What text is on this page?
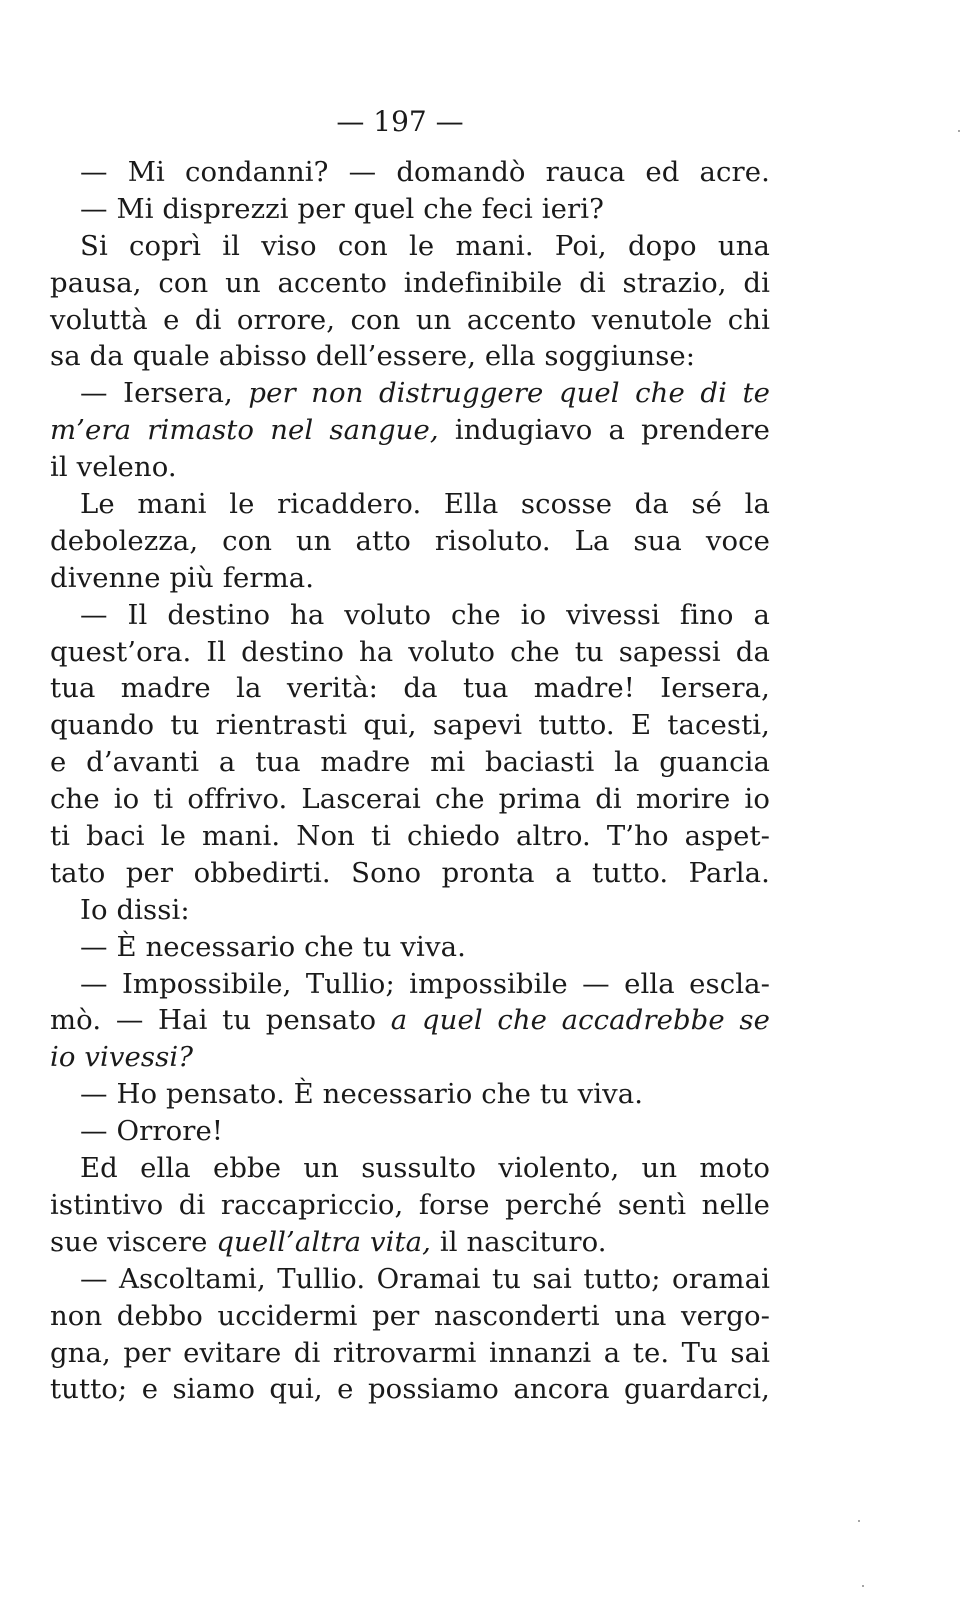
— 197 —
— Mi condanni? — domandò rauca ed acre.
— Mi disprezzi per quel che feci ieri?
Si coprì il viso con le mani. Poi, dopo una
pausa, con un accento indefinibile di strazio, di
voluttà e di orrore, con un accento venutole chi
sa da quale abisso dell’essere, ella soggiunse:
— Iersera, per non distruggere quel che di te
m’era rimasto nel sangue, indugiavo a prendere
il veleno.
Le mani le ricaddero. Ella scosse da sé la
debolezza, con un atto risoluto. La sua voce
divenne più ferma.
— Il destino ha voluto che io vivessi fino a
quest’ora. Il destino ha voluto che tu sapessi da
tua madre la verità: da tua madre! Iersera,
quando tu rientrasti qui, sapevi tutto. E tacesti,
e d’avanti a tua madre mi baciasti la guancia
che io ti offrivo. Lascerai che prima di morire io
ti baci le mani. Non ti chiedo altro. T’ho aspet-
tato per obbedirti. Sono pronta a tutto. Parla.
Io dissi:
— È necessario che tu viva.
— Impossibile, Tullio; impossibile — ella escla-
mò. — Hai tu pensato a quel che accadrebbe se
io vivessi?
— Ho pensato. È necessario che tu viva.
— Orrore!
Ed ella ebbe un sussulto violento, un moto
istintivo di raccapriccio, forse perché sentì nelle
sue viscere quell’altra vita, il nascituro.
— Ascoltami, Tullio. Oramai tu sai tutto; oramai
non debbo uccidermi per nasconderti una vergo-
gna, per evitare di ritrovarmi innanzi a te. Tu sai
tutto; e siamo qui, e possiamo ancora guardarci,
